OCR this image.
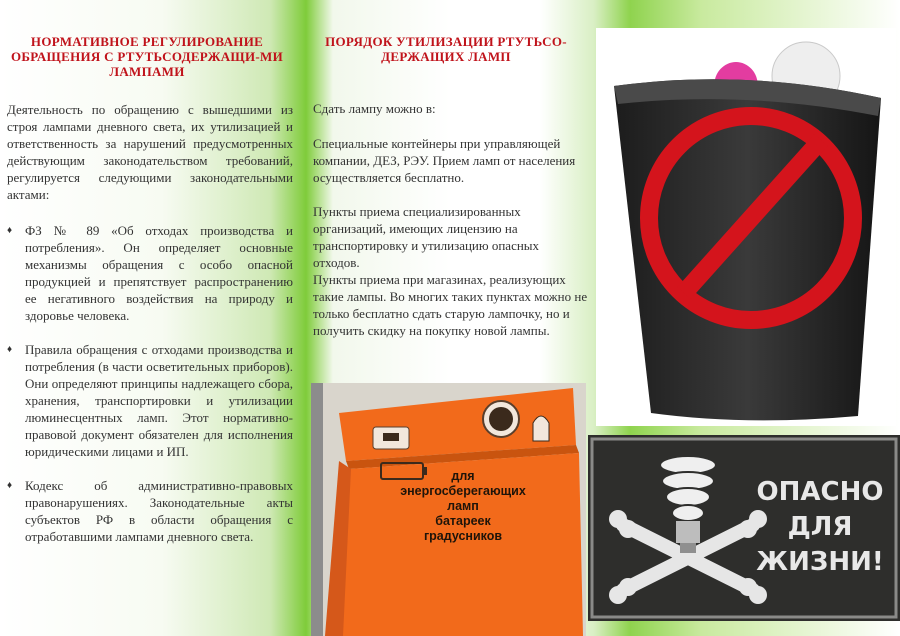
НОРМАТИВНОЕ РЕГУЛИРОВАНИЕ ОБРАЩЕНИЯ С РТУТЬСОДЕРЖАЩИ-МИ ЛАМПАМИ

Деятельность по обращению с вышедшими из строя лампами дневного света, их утилизацией и ответственность за нарушений предусмотренных действующим законодательством требований, регулируется следующими законодательными актами:

♦ ФЗ № 89 «Об отходах производства и потребления». Он определяет основные механизмы обращения с особо опасной продукцией и препятствует распространению ее негативного воздействия на природу и здоровье человека.
♦ Правила обращения с отходами производства и потребления (в части осветительных приборов). Они определяют принципы надлежащего сбора, хранения, транспортировки и утилизации люминесцентных ламп. Этот нормативно-правовой документ обязателен для исполнения юридическими лицами и ИП.
♦ Кодекс об административно-правовых правонарушениях. Законодательные акты субъектов РФ в области обращения с отработавшими лампами дневного света.
ПОРЯДОК УТИЛИЗАЦИИ РТУТЬСО-ДЕРЖАЩИХ ЛАМП

Сдать лампу можно в:

Специальные контейнеры при управляющей компании, ДЕЗ, РЭУ. Прием ламп от населения осуществляется бесплатно.

Пункты приема специализированных организаций, имеющих лицензию на транспортировку и утилизацию опасных отходов.

Пункты приема при магазинах, реализующих такие лампы. Во многих таких пунктах можно не только бесплатно сдать старую лампочку, но и получить скидку на покупку новой лампы.

для
энергосберегающих
ламп
батареек
градусников
ОПАСНО
ДЛЯ
ЖИЗНИ!
